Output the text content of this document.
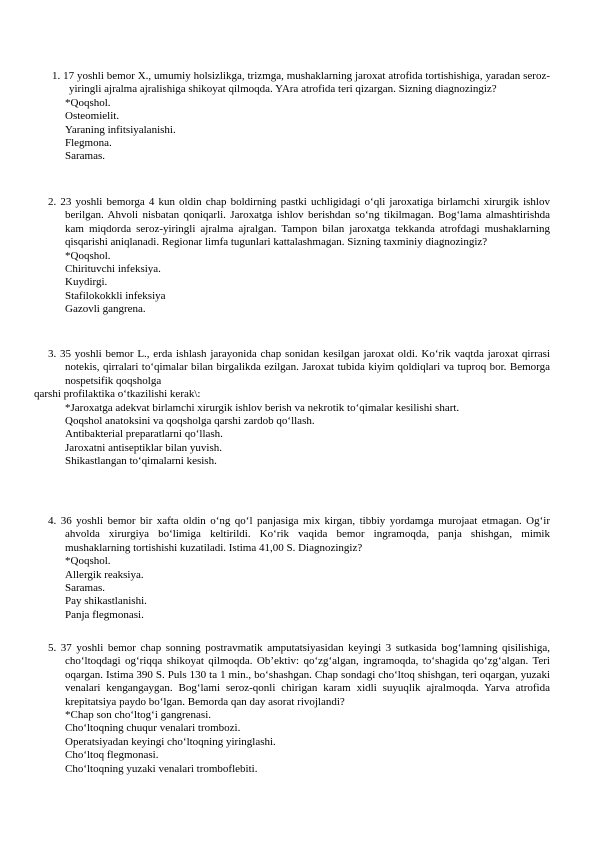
1. 17 yoshli bemor X., umumiy holsizlikga, trizmga, mushaklarning jaroxat atrofida tortishishiga, yaradan seroz-yiringli ajralma ajralishiga shikoyat qilmoqda. YAra atrofida teri qizargan. Sizning diagnozingiz?
*Qoqshol.
Osteomielit.
Yaraning infitsiyalanishi.
Flegmona.
Saramas.
2. 23 yoshli bemorga 4 kun oldin chap boldirning pastki uchligidagi o‘qli jaroxatiga birlamchi xirurgik ishlov berilgan. Ahvoli nisbatan qoniqarli. Jaroxatga ishlov berishdan so‘ng tikilmagan. Bog‘lama almashtirishda kam miqdorda seroz-yiringli ajralma ajralgan. Tampon bilan jaroxatga tekkanda atrofdagi mushaklarning qisqarishi aniqlanadi. Regionar limfa tugunlari kattalashmagan. Sizning taxminiy diagnozingiz?
*Qoqshol.
Chirituvchi infeksiya.
Kuydirgi.
Stafilokokkli infeksiya
Gazovli gangrena.
3. 35 yoshli bemor L., erda ishlash jarayonida chap sonidan kesilgan jaroxat oldi. Ko‘rik vaqtda jaroxat qirrasi notekis, qirralari to‘qimalar bilan birgalikda ezilgan. Jaroxat tubida kiyim qoldiqlari va tuproq bor. Bemorga nospetsifik qoqsholga
qarshi profilaktika o‘tkazilishi kerak\:
*Jaroxatga adekvat birlamchi xirurgik ishlov berish va nekrotik to‘qimalar kesilishi shart.
Qoqshol anatoksini va qoqsholga qarshi zardob qo‘llash.
Antibakterial preparatlarni qo‘llash.
Jaroxatni antiseptiklar bilan yuvish.
Shikastlangan to‘qimalarni kesish.
4. 36 yoshli bemor bir xafta oldin o‘ng qo‘l panjasiga mix kirgan, tibbiy yordamga murojaat etmagan. Og‘ir ahvolda xirurgiya bo‘limiga keltirildi. Ko‘rik vaqida bemor ingramoqda, panja shishgan, mimik mushaklarning tortishishi kuzatiladi. Istima 41,00 S. Diagnozingiz?
*Qoqshol.
Allergik reaksiya.
Saramas.
Pay shikastlanishi.
Panja flegmonasi.
5. 37 yoshli bemor chap sonning postravmatik amputatsiyasidan keyingi 3 sutkasida bog‘lamning qisilishiga, cho‘ltoqdagi og‘riqqa shikoyat qilmoqda. Ob’ektiv: qo‘zg‘algan, ingramoqda, to‘shagida qo‘zg‘algan. Teri oqargan. Istima 390 S. Puls 130 ta 1 min., bo‘shashgan. Chap sondagi cho‘ltoq shishgan, teri oqargan, yuzaki venalari kengangaygan. Bog‘lami seroz-qonli chirigan karam xidli suyuqlik ajralmoqda. Yarva atrofida krepitatsiya paydo bo‘lgan. Bemorda qan day asorat rivojlandi?
*Chap son cho‘ltog‘i gangrenasi.
Cho‘ltoqning chuqur venalari trombozi.
Operatsiyadan keyingi cho‘ltoqning yiringlashi.
Cho‘ltoq flegmonasi.
Cho‘ltoqning yuzaki venalari tromboflebiti.
